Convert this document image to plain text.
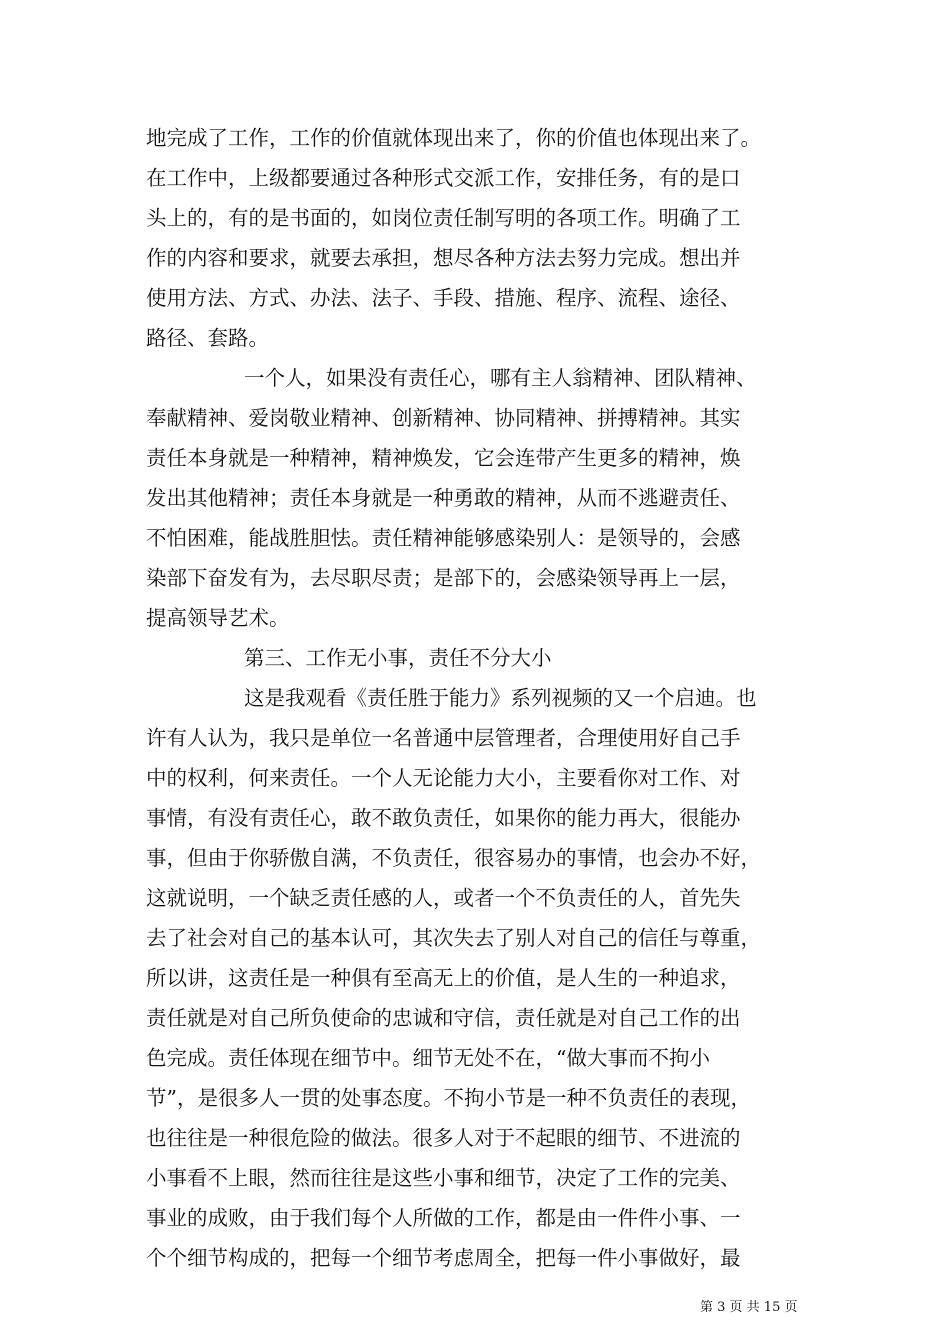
地完成了工作，工作的价值就体现出来了，你的价值也体现出来了。
在工作中，上级都要通过各种形式交派工作，安排任务，有的是口
头上的，有的是书面的，如岗位责任制写明的各项工作。明确了工
作的内容和要求，就要去承担，想尽各种方法去努力完成。想出并
使用方法、方式、办法、法子、手段、措施、程序、流程、途径、
路径、套路。
一个人，如果没有责任心，哪有主人翁精神、团队精神、
奉献精神、爱岗敬业精神、创新精神、协同精神、拼搏精神。其实
责任本身就是一种精神，精神焕发，它会连带产生更多的精神，焕
发出其他精神；责任本身就是一种勇敢的精神，从而不逃避责任、
不怕困难，能战胜胆怯。责任精神能够感染别人：是领导的，会感
染部下奋发有为，去尽职尽责；是部下的，会感染领导再上一层，
提高领导艺术。
第三、工作无小事，责任不分大小
这是我观看《责任胜于能力》系列视频的又一个启迪。也
许有人认为，我只是单位一名普通中层管理者，合理使用好自己手
中的权利，何来责任。一个人无论能力大小，主要看你对工作、对
事情，有没有责任心，敢不敢负责任，如果你的能力再大，很能办
事，但由于你骄傲自满，不负责任，很容易办的事情，也会办不好，
这就说明，一个缺乏责任感的人，或者一个不负责任的人，首先失
去了社会对自己的基本认可，其次失去了别人对自己的信任与尊重，
所以讲，这责任是一种俱有至高无上的价值，是人生的一种追求，
责任就是对自己所负使命的忠诚和守信，责任就是对自己工作的出
色完成。责任体现在细节中。细节无处不在，“做大事而不拘小
节”，是很多人一贯的处事态度。不拘小节是一种不负责任的表现，
也往往是一种很危险的做法。很多人对于不起眼的细节、不进流的
小事看不上眼，然而往往是这些小事和细节，决定了工作的完美、
事业的成败，由于我们每个人所做的工作，都是由一件件小事、一
个个细节构成的，把每一个细节考虑周全，把每一件小事做好，最
第 3 页 共 15 页
